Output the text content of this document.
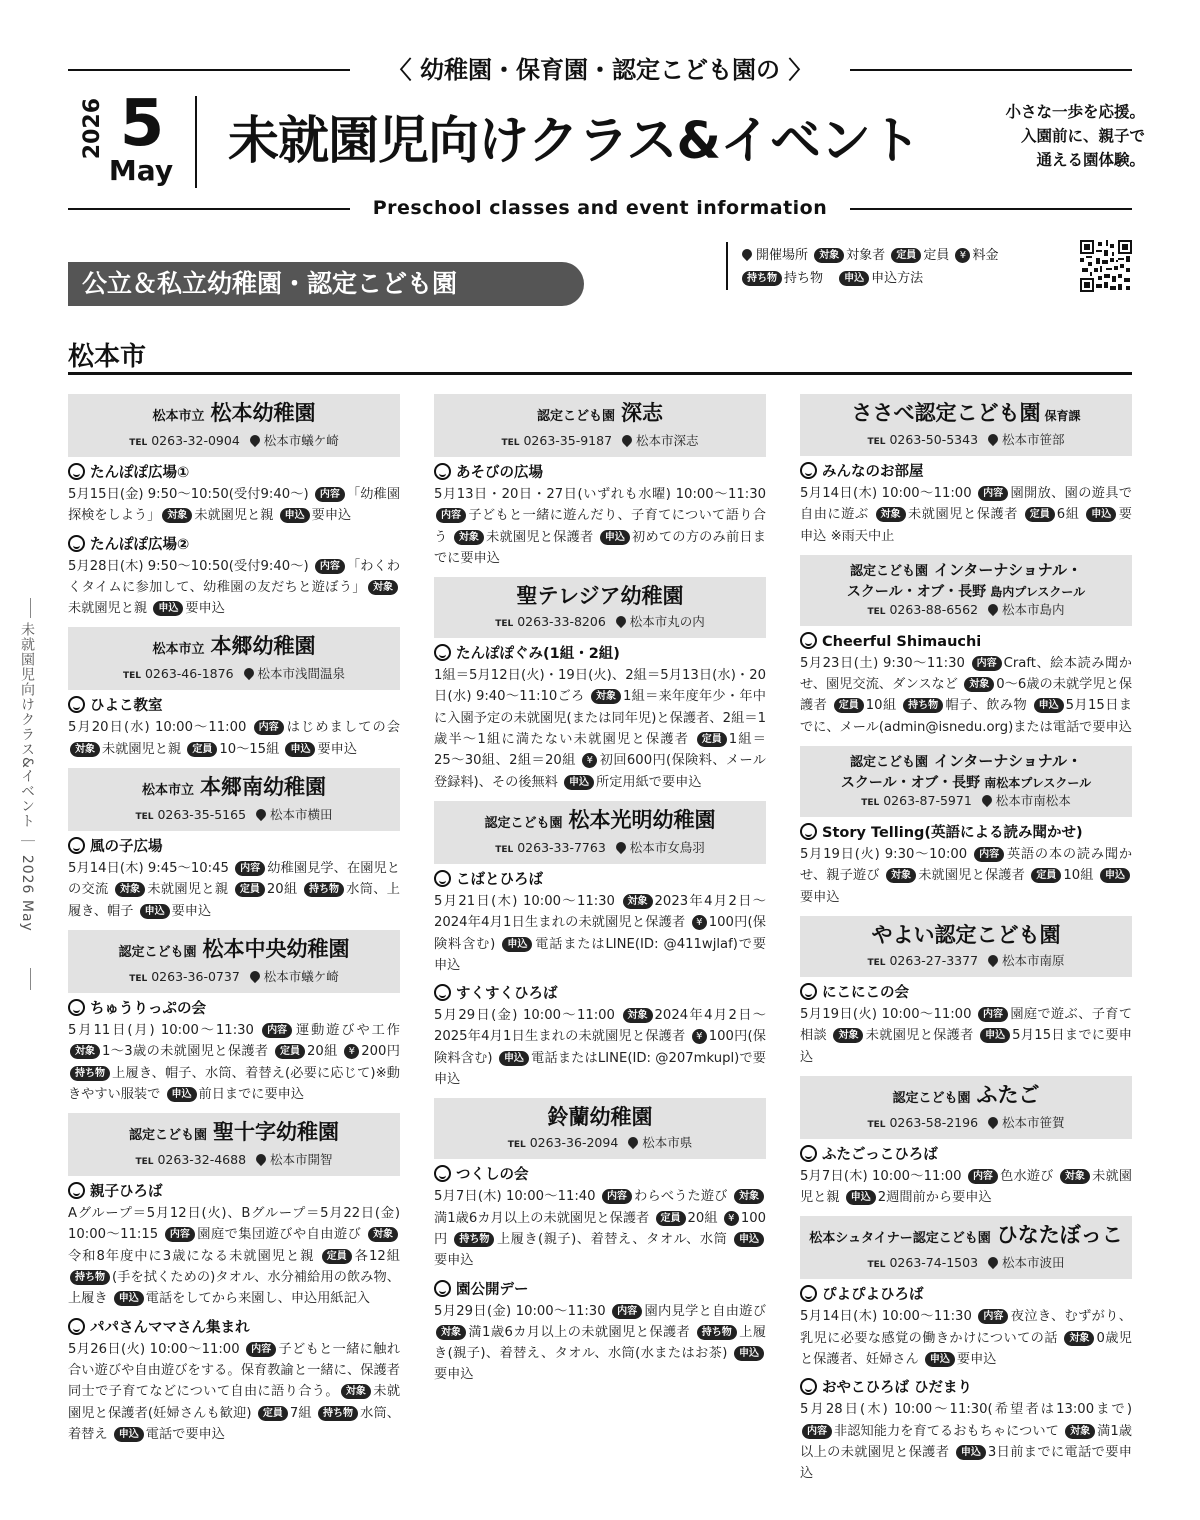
〈 幼稚園・保育園・認定こども園の 〉
2026 5
May 未就園児向けクラス&イベント	小さな一歩を応援。
入園前に、親子で
通える園体験。
Preschool classes and event information
公立＆私立幼稚園・認定こども園
開催場所 対象 対象者 定員 定員 ¥ 料金
持ち物 持ち物 申込 申込方法
松本市
未就園児向けクラス&イベント ｜ 2026 May
松本市立 松本幼稚園
TEL 0263-32-0904 松本市蟻ケ崎
たんぽぽ広場①
5月15日(金) 9:50〜10:50(受付9:40〜) 内容 「幼稚園探検をしよう」 対象 未就園児と親 申込 要申込
たんぽぽ広場②
5月28日(木) 9:50〜10:50(受付9:40〜) 内容 「わくわくタイムに参加して、幼稚園の友だちと遊ぼう」 対象未就園児と親 申込 要申込
松本市立 本郷幼稚園
TEL 0263-46-1876 松本市浅間温泉
ひよこ教室
5月20日(水) 10:00〜11:00 内容 はじめましての会 対象 未就園児と親 定員 10〜15組 申込 要申込
松本市立 本郷南幼稚園
TEL 0263-35-5165 松本市横田
風の子広場
5月14日(木) 9:45〜10:45 内容 幼稚園見学、在園児との交流 対象 未就園児と親 定員 20組 持ち物 水筒、上履き、帽子 申込 要申込
認定こども園 松本中央幼稚園
TEL 0263-36-0737 松本市蟻ケ崎
ちゅうりっぷの会
5月11日(月) 10:00〜11:30 内容 運動遊びや工作 対象 1〜3歳の未就園児と保護者 定員 20組 ¥ 200円 持ち物 上履き、帽子、水筒、着替え(必要に応じて)※動きやすい服装で 申込 前日までに要申込
認定こども園 聖十字幼稚園
TEL 0263-32-4688 松本市開智
親子ひろば
Aグループ＝5月12日(火)、Bグループ＝5月22日(金) 10:00〜11:15 内容 園庭で集団遊びや自由遊び 対象令和8年度中に3歳になる未就園児と親 定員 各12組 持ち物 (手を拭くための)タオル、水分補給用の飲み物、上履き 申込 電話をしてから来園し、申込用紙記入
パパさんママさん集まれ
5月26日(火) 10:00〜11:00 内容 子どもと一緒に触れ合い遊びや自由遊びをする。保育教諭と一緒に、保護者同士で子育てなどについて自由に語り合う。 対象 未就園児と保護者(妊婦さんも歓迎) 定員 7組 持ち物 水筒、着替え 申込 電話で要申込
認定こども園 深志
TEL 0263-35-9187 松本市深志
あそびの広場
5月13日・20日・27日(いずれも水曜) 10:00〜11:30 内容 子どもと一緒に遊んだり、子育てについて語り合う 対象 未就園児と保護者 申込 初めての方のみ前日までに要申込
聖テレジア幼稚園
TEL 0263-33-8206 松本市丸の内
たんぽぽぐみ(1組・2組)
1組＝5月12日(火)・19日(火)、2組＝5月13日(水)・20日(水) 9:40〜11:10ごろ 対象 1組＝来年度年少・年中に入園予定の未就園児(または同年児)と保護者、2組＝1歳半〜1組に満たない未就園児と保護者 定員 1組＝25〜30組、2組＝20組 ¥ 初回600円(保険料、メール登録料)、その後無料 申込 所定用紙で要申込
認定こども園 松本光明幼稚園
TEL 0263-33-7763 松本市女鳥羽
こばとひろば
5月21日(木) 10:00〜11:30 対象 2023年4月2日〜2024年4月1日生まれの未就園児と保護者 ¥ 100円(保険料含む) 申込 電話またはLINE(ID: @411wjlaf)で要申込
すくすくひろば
5月29日(金) 10:00〜11:00 対象 2024年4月2日〜2025年4月1日生まれの未就園児と保護者 ¥ 100円(保険料含む) 申込 電話またはLINE(ID: @207mkupl)で要申込
鈴蘭幼稚園
TEL 0263-36-2094 松本市県
つくしの会
5月7日(木) 10:00〜11:40 内容 わらべうた遊び 対象満1歳6カ月以上の未就園児と保護者 定員 20組 ¥ 100円 持ち物 上履き(親子)、着替え、タオル、水筒 申込要申込
園公開デー
5月29日(金) 10:00〜11:30 内容 園内見学と自由遊び 対象 満1歳6カ月以上の未就園児と保護者 持ち物 上履き(親子)、着替え、タオル、水筒(水またはお茶) 申込要申込
ささべ認定こども園 保育課
TEL 0263-50-5343 松本市笹部
みんなのお部屋
5月14日(木) 10:00〜11:00 内容 園開放、園の遊具で自由に遊ぶ 対象 未就園児と保護者 定員 6組 申込 要申込 ※雨天中止
認定こども園 インターナショナル・
スクール・オブ・長野 島内プレスクール
TEL 0263-88-6562 松本市島内
Cheerful Shimauchi
5月23日(土) 9:30〜11:30 内容 Craft、絵本読み聞かせ、園児交流、ダンスなど 対象 0〜6歳の未就学児と保護者 定員 10組 持ち物 帽子、飲み物 申込 5月15日までに、メール(admin@isnedu.org)または電話で要申込
認定こども園 インターナショナル・
スクール・オブ・長野 南松本プレスクール
TEL 0263-87-5971 松本市南松本
Story Telling(英語による読み聞かせ)
5月19日(火) 9:30〜10:00 内容 英語の本の読み聞かせ、親子遊び 対象 未就園児と保護者 定員 10組 申込要申込
やよい認定こども園
TEL 0263-27-3377 松本市南原
にこにこの会
5月19日(火) 10:00〜11:00 内容 園庭で遊ぶ、子育て相談 対象 未就園児と保護者 申込 5月15日までに要申込
認定こども園 ふたご
TEL 0263-58-2196 松本市笹賀
ふたごっこひろば
5月7日(木) 10:00〜11:00 内容 色水遊び 対象 未就園児と親 申込 2週間前から要申込
松本シュタイナー認定こども園 ひなたぼっこ
TEL 0263-74-1503 松本市波田
ぴよぴよひろば
5月14日(木) 10:00〜11:30 内容 夜泣き、むずがり、乳児に必要な感覚の働きかけについての話 対象 0歳児と保護者、妊婦さん 申込 要申込
おやこひろば ひだまり
5月28日(木) 10:00〜11:30(希望者は13:00まで) 内容 非認知能力を育てるおもちゃについて 対象 満1歳以上の未就園児と保護者 申込 3日前までに電話で要申込
